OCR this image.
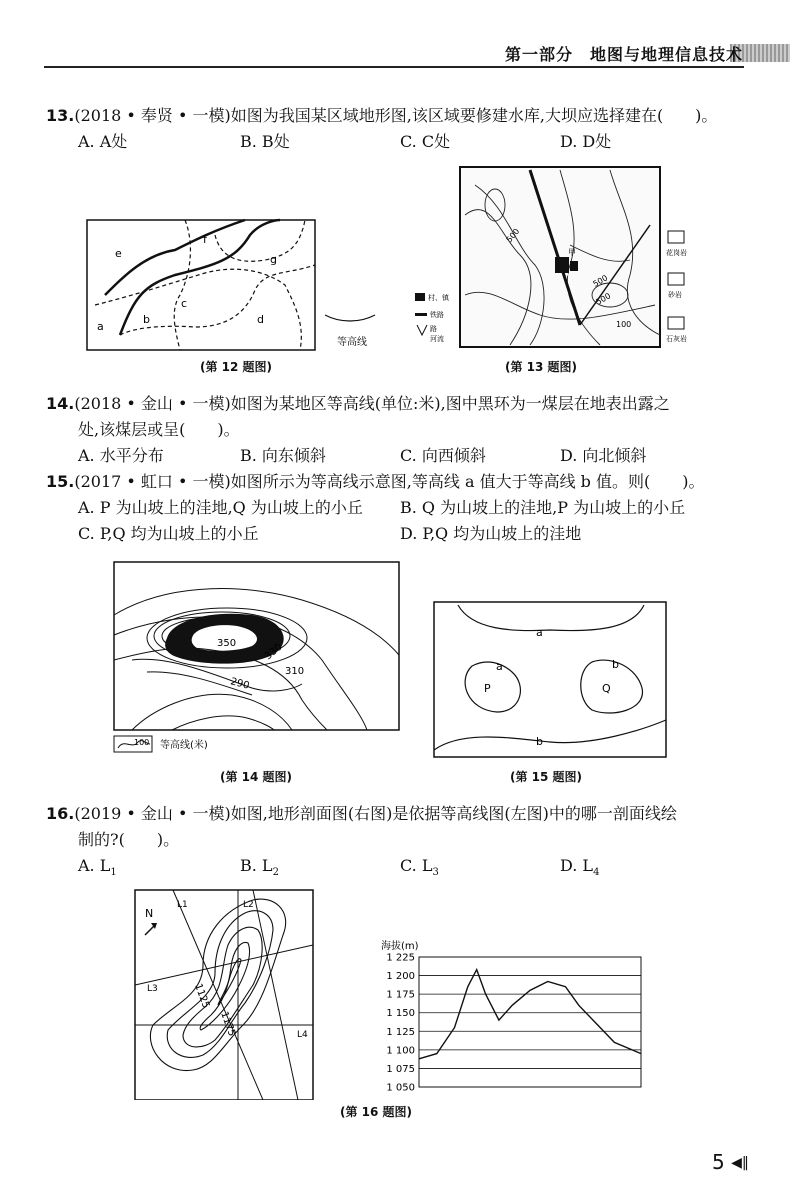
第一部分　地图与地理信息技术
13.(2018 • 奉贤 • 一模)如图为我国某区域地形图,该区域要修建水库,大坝应选择建在(　　)。
A. A处	B. B处	C. C处	D. D处
e
f
g
c
b	d
a
等高线
(第 12 题图)
甲
500
500
500
100
村、镇
铁路
路
河流
花岗岩
砂岩
石灰岩
(第 13 题图)
14.(2018 • 金山 • 一模)如图为某地区等高线(单位:米),图中黑环为一煤层在地表出露之
处,该煤层或呈(　　)。
A. 水平分布	B. 向东倾斜	C. 向西倾斜	D. 向北倾斜
15.(2017 • 虹口 • 一模)如图所示为等高线示意图,等高线 a 值大于等高线 b 值。则(　　)。
A. P 为山坡上的洼地,Q 为山坡上的小丘 B. Q 为山坡上的洼地,P 为山坡上的小丘
C. P,Q 均为山坡上的小丘	D. P,Q 均为山坡上的洼地
350	330
310
290
100 等高线(米)
(第 14 题图)
a
a	b
b
P	Q
(第 15 题图)
16.(2019 • 金山 • 一模)如图,地形剖面图(右图)是依据等高线图(左图)中的哪一剖面线绘
制的?(　　)。
A. $L_1$	B. $L_2$	C. $L_3$	D. $L_4$
N
L1	L2
L3
L4
1125
1175
海拔(m)
1 225
1 200
1 175
1 150
1 125
1 100
1 075
1 050
(第 16 题图)
5 ◀‖
